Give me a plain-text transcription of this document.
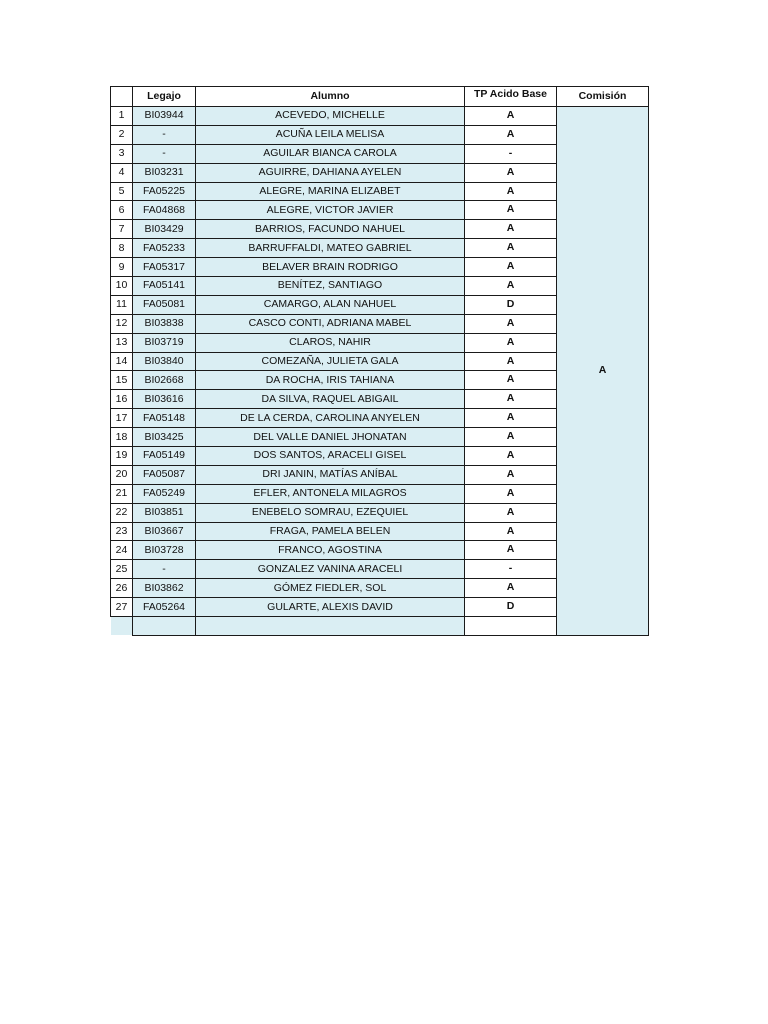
	Legajo	Alumno	TP Acido Base	Comisión
1	BI03944	ACEVEDO, MICHELLE	A	A
2	-	ACUÑA LEILA MELISA	A	
3	-	AGUILAR BIANCA CAROLA	-	
4	BI03231	AGUIRRE, DAHIANA AYELEN	A	
5	FA05225	ALEGRE, MARINA ELIZABET	A	
6	FA04868	ALEGRE, VICTOR JAVIER	A	
7	BI03429	BARRIOS, FACUNDO NAHUEL	A	
8	FA05233	BARRUFFALDI, MATEO GABRIEL	A	
9	FA05317	BELAVER BRAIN RODRIGO	A	
10	FA05141	BENÍTEZ, SANTIAGO	A	
11	FA05081	CAMARGO, ALAN NAHUEL	D	
12	BI03838	CASCO CONTI, ADRIANA MABEL	A	
13	BI03719	CLAROS, NAHIR	A	
14	BI03840	COMEZAÑA, JULIETA GALA	A	
15	BI02668	DA ROCHA, IRIS TAHIANA	A	
16	BI03616	DA SILVA, RAQUEL ABIGAIL	A	
17	FA05148	DE LA CERDA, CAROLINA ANYELEN	A	
18	BI03425	DEL VALLE DANIEL JHONATAN	A	
19	FA05149	DOS SANTOS, ARACELI GISEL	A	
20	FA05087	DRI JANIN, MATÍAS ANÍBAL	A	
21	FA05249	EFLER, ANTONELA MILAGROS	A	
22	BI03851	ENEBELO SOMRAU, EZEQUIEL	A	
23	BI03667	FRAGA, PAMELA BELEN	A	
24	BI03728	FRANCO, AGOSTINA	A	
25	-	GONZALEZ VANINA ARACELI	-	
26	BI03862	GÓMEZ FIEDLER, SOL	A	
27	FA05264	GULARTE, ALEXIS DAVID	D	
